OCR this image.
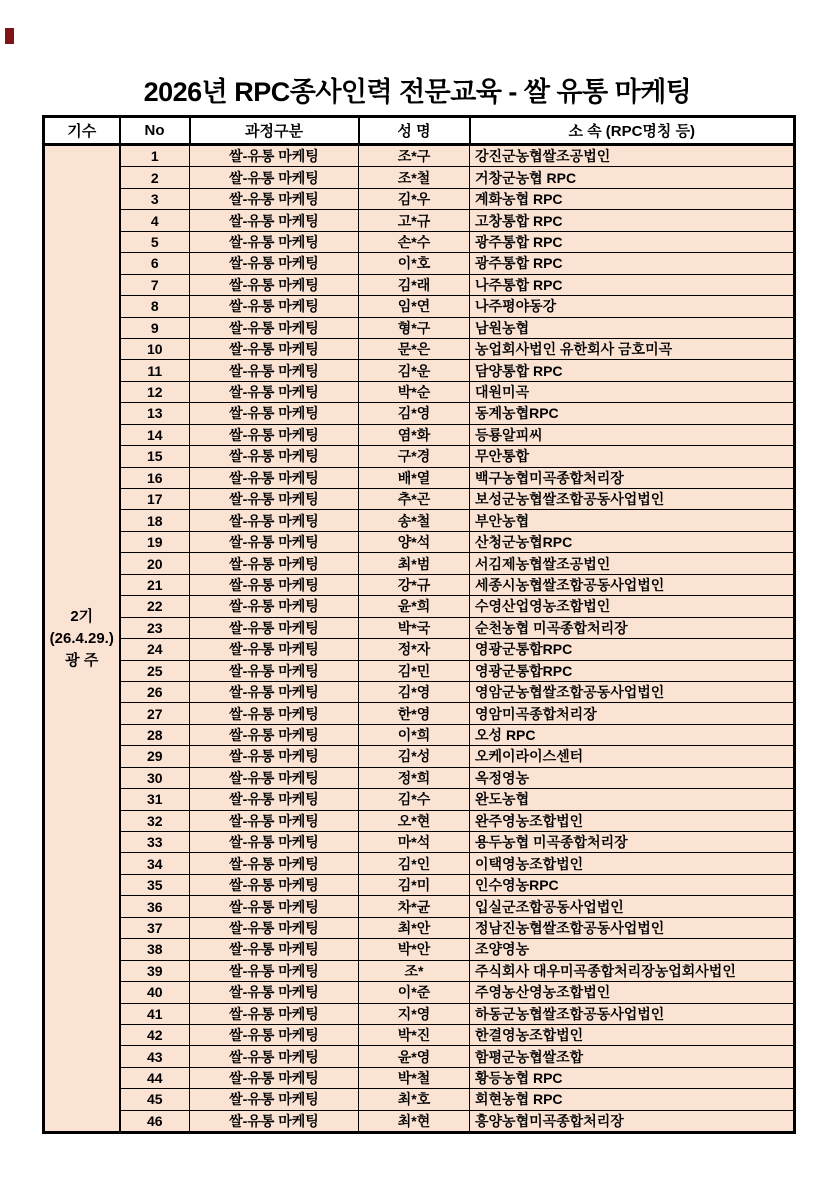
2026년 RPC종사인력 전문교육 - 쌀 유통 마케팅
기수	No	과정구분	성 명	소 속 (RPC명칭 등)

2기
(26.4.29.)
광 주	1	쌀-유통 마케팅	조*구	강진군농협쌀조공법인
	2	쌀-유통 마케팅	조*철	거창군농협 RPC
	3	쌀-유통 마케팅	김*우	계화농협 RPC
	4	쌀-유통 마케팅	고*규	고창통합 RPC
	5	쌀-유통 마케팅	손*수	광주통합 RPC
	6	쌀-유통 마케팅	이*호	광주통합 RPC
	7	쌀-유통 마케팅	김*래	나주통합 RPC
	8	쌀-유통 마케팅	임*연	나주평야동강
	9	쌀-유통 마케팅	형*구	남원농협
	10	쌀-유통 마케팅	문*은	농업회사법인 유한회사 금호미곡
	11	쌀-유통 마케팅	김*운	담양통합 RPC
	12	쌀-유통 마케팅	박*순	대원미곡
	13	쌀-유통 마케팅	김*영	동계농협RPC
	14	쌀-유통 마케팅	염*화	등룡알피씨
	15	쌀-유통 마케팅	구*경	무안통합
	16	쌀-유통 마케팅	배*열	백구농협미곡종합처리장
	17	쌀-유통 마케팅	추*곤	보성군농협쌀조합공동사업법인
	18	쌀-유통 마케팅	송*철	부안농협
	19	쌀-유통 마케팅	양*석	산청군농협RPC
	20	쌀-유통 마케팅	최*범	서김제농협쌀조공법인
	21	쌀-유통 마케팅	강*규	세종시농협쌀조합공동사업법인
	22	쌀-유통 마케팅	윤*희	수영산업영농조합법인
	23	쌀-유통 마케팅	박*국	순천농협 미곡종합처리장
	24	쌀-유통 마케팅	정*자	영광군통합RPC
	25	쌀-유통 마케팅	김*민	영광군통합RPC
	26	쌀-유통 마케팅	김*영	영암군농협쌀조합공동사업법인
	27	쌀-유통 마케팅	한*영	영암미곡종합처리장
	28	쌀-유통 마케팅	이*희	오성 RPC
	29	쌀-유통 마케팅	김*성	오케이라이스센터
	30	쌀-유통 마케팅	정*희	옥정영농
	31	쌀-유통 마케팅	김*수	완도농협
	32	쌀-유통 마케팅	오*현	완주영농조합법인
	33	쌀-유통 마케팅	마*석	용두농협 미곡종합처리장
	34	쌀-유통 마케팅	김*인	이택영농조합법인
	35	쌀-유통 마케팅	김*미	인수영농RPC
	36	쌀-유통 마케팅	차*균	입실군조합공동사업법인
	37	쌀-유통 마케팅	최*안	정남진농협쌀조합공동사업법인
	38	쌀-유통 마케팅	박*안	조양영농
	39	쌀-유통 마케팅	조*	주식회사 대우미곡종합처리장농업회사법인
	40	쌀-유통 마케팅	이*준	주영농산영농조합법인
	41	쌀-유통 마케팅	지*영	하동군농협쌀조합공동사업법인
	42	쌀-유통 마케팅	박*진	한결영농조합법인
	43	쌀-유통 마케팅	윤*영	함평군농협쌀조합
	44	쌀-유통 마케팅	박*철	황등농협 RPC
	45	쌀-유통 마케팅	최*호	회현농협 RPC
	46	쌀-유통 마케팅	최*현	흥양농협미곡종합처리장
